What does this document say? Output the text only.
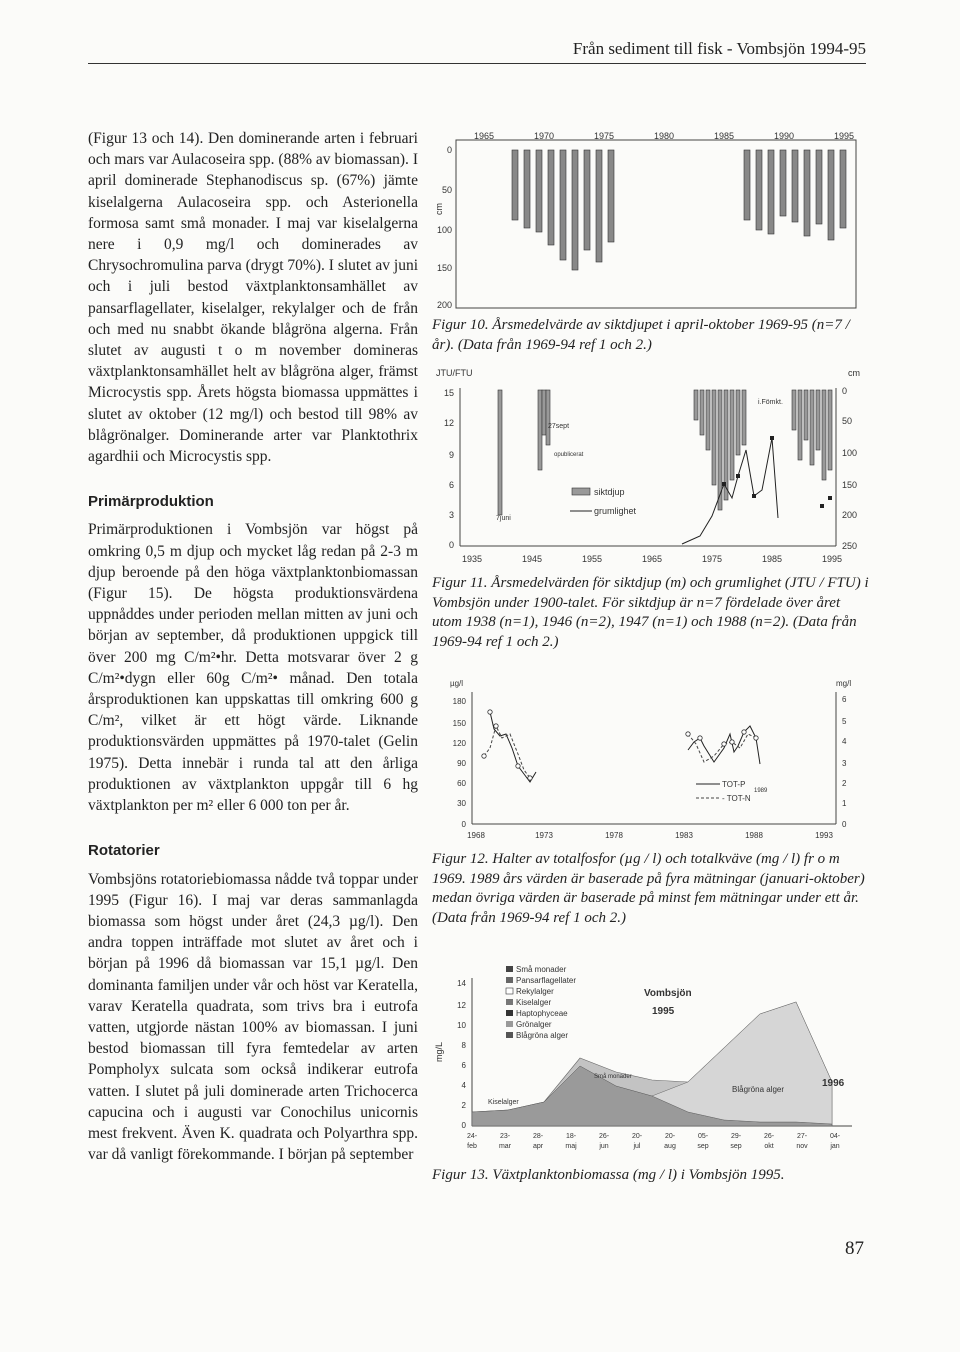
Från sediment till fisk - Vombsjön 1994-95

(Figur 13 och 14). Den dominerande arten i februari och mars var Aulacoseira spp. (88% av biomassan). I april dominerade Stephanodiscus sp. (67%) jämte kiselalgerna Aulacoseira spp. och Asterionella formosa samt små monader. I maj var kiselalgerna nere i 0,9 mg/l och dominerades av Chrysochromulina parva (drygt 70%). I slutet av juni och i juli bestod växtplanktonsamhället av pansarflagellater, kiselalger, rekylalger och de från och med nu snabbt ökande blågröna algerna. Från slutet av augusti t o m november domineras växtplanktonsamhället helt av blågröna alger, främst Microcystis spp. Årets högsta biomassa uppmättes i slutet av oktober (12 mg/l) och bestod till 98% av blågrönalger. Dominerande arter var Planktothrix agardhii och Microcystis spp.

Primärproduktion

Primärproduktionen i Vombsjön var högst på omkring 0,5 m djup och mycket låg redan på 2-3 m djup beroende på den höga växtplanktonbiomassan (Figur 15). De högsta produktionsvärdena uppnåddes under perioden mellan mitten av juni och början av september, då produktionen uppgick till över 200 mg C/m²•hr. Detta motsvarar över 2 g C/m²•dygn eller 60g C/m²• månad. Den totala årsproduktionen kan uppskattas till omkring 600 g C/m², vilket är ett högt värde. Liknande produktionsvärden uppmättes på 1970-talet (Gelin 1975). Detta innebär i runda tal att den årliga produktionen av växtplankton uppgår till 6 hg växtplankton per m² eller 6 000 ton per år.

Rotatorier

Vombsjöns rotatoriebiomassa nådde två toppar under 1995 (Figur 16). I maj var deras sammanlagda biomassa som högst under året (24,3 µg/l). Den andra toppen inträffade mot slutet av året och i början på 1996 då biomassan var 15,1 µg/l. Den dominanta familjen under vår och höst var Keratella, varav Keratella quadrata, som trivs bra i eutrofa vatten, utgjorde nästan 100% av biomassan. I juni bestod biomassan till fyra femtedelar av arten Pompholyx sulcata som också indikerar eutrofa vatten. I slutet på juli dominerade arten Trichocerca capucina och i augusti var Conochilus unicornis mest frekvent. Även K. quadrata och Polyarthra spp. var då vanligt förekommande. I början på september

cm
1965	1970	1975	1980	1985	1990	1995
0
50
100
150
200
Figur 10. Årsmedelvärde av siktdjupet i april-oktober 1969-95 (n=7 / år). (Data från 1969-94 ref 1 och 2.)
JTU/FTU	cm
15
12
9
6
3
0
0
50
100
150
200
250
1935	1945	1955	1965	1975	1985	1995
7juni
27sept
opublicerat
i.Fömkt.
siktdjup
grumlighet
Figur 11. Årsmedelvärden för siktdjup (m) och grumlighet (JTU / FTU) i Vombsjön under 1900-talet. För siktdjup är n=7 fördelade över året utom 1938 (n=1), 1946 (n=2), 1947 (n=1) och 1988 (n=2). (Data från 1969-94 ref 1 och 2.)
µg/l	mg/l
180
150
120
90
60
30
0
6
5
4
3
2
1
0
1968	1973	1978	1983	1988	1993
TOT-P
- TOT-N
1989
Figur 12. Halter av totalfosfor (µg / l) och totalkväve (mg / l) fr o m 1969. 1989 års värden är baserade på fyra mätningar (januari-oktober) medan övriga värden är baserade på minst fem mätningar under ett år. (Data från 1969-94 ref 1 och 2.)
mg/L
14
12
10
8
6
4
2
0
Kiselalger
Små monader
Blågröna alger
24-	23-	28-	18-	26-	20-	20-	05-	29-	26-	27-	04-
feb	mar	apr	maj	jun	jul	aug	sep	sep	okt	nov	jan
Små monader
Pansarflagellater
Rekylalger
Kiselalger
Haptophyceae
Grönalger
Blågröna alger
Vombsjön
1995
1996
Figur 13. Växtplanktonbiomassa (mg / l) i Vombsjön 1995.
87
